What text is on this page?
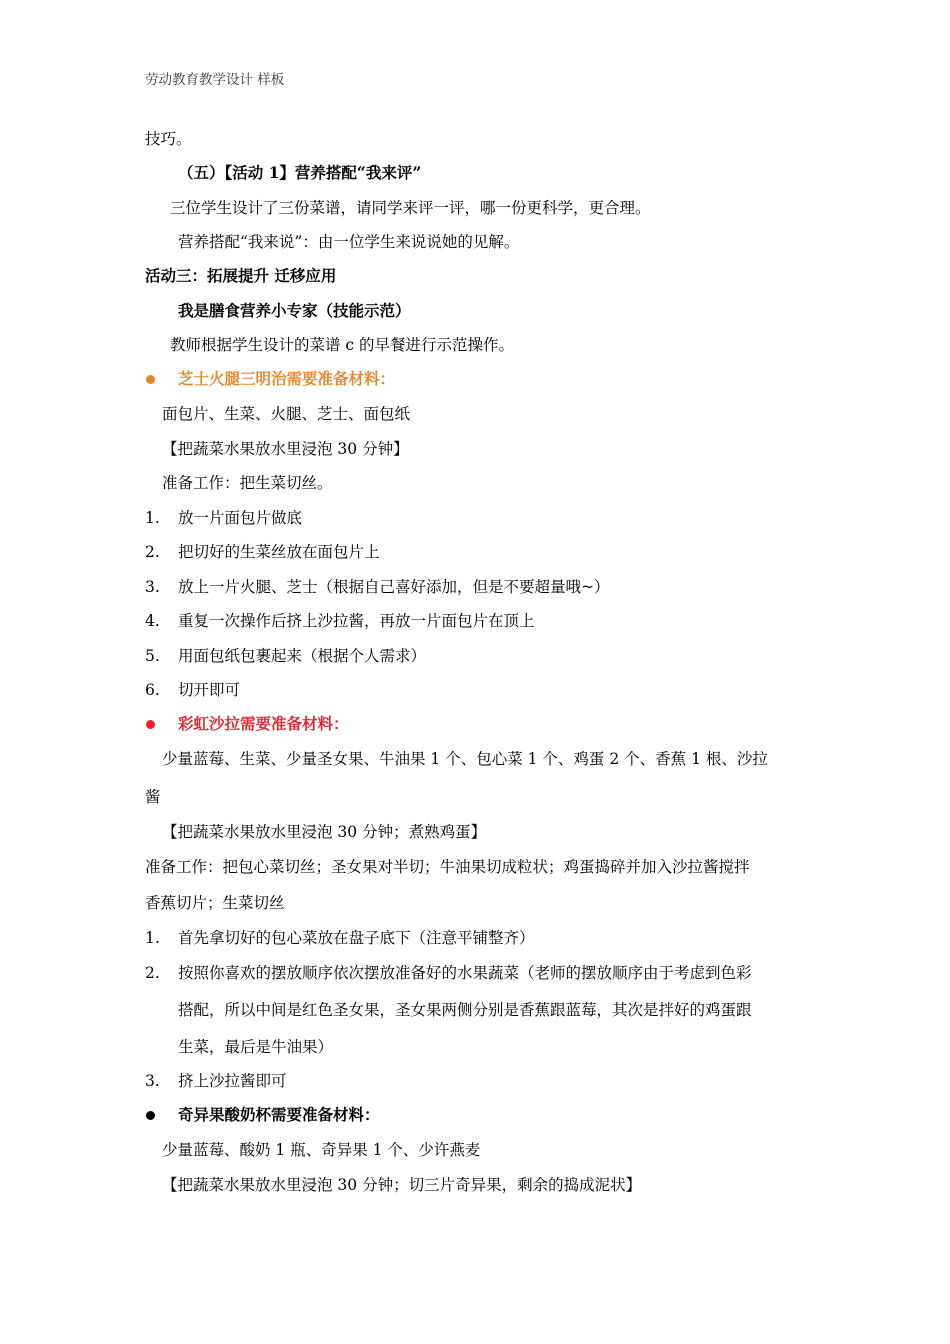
劳动教育教学设计 样板
技巧。
（五）【活动 1】营养搭配“我来评”
三位学生设计了三份菜谱，请同学来评一评，哪一份更科学，更合理。
营养搭配“我来说”：由一位学生来说说她的见解。
活动三：拓展提升 迁移应用
我是膳食营养小专家（技能示范）
教师根据学生设计的菜谱 c 的早餐进行示范操作。
芝士火腿三明治需要准备材料：
面包片、生菜、火腿、芝士、面包纸
【把蔬菜水果放水里浸泡 30 分钟】
准备工作：把生菜切丝。
1. 放一片面包片做底
2. 把切好的生菜丝放在面包片上
3. 放上一片火腿、芝士（根据自己喜好添加，但是不要超量哦~）
4. 重复一次操作后挤上沙拉酱，再放一片面包片在顶上
5. 用面包纸包裹起来（根据个人需求）
6. 切开即可
彩虹沙拉需要准备材料：
少量蓝莓、生菜、少量圣女果、牛油果 1 个、包心菜 1 个、鸡蛋 2 个、香蕉 1 根、沙拉
酱
【把蔬菜水果放水里浸泡 30 分钟；煮熟鸡蛋】
准备工作：把包心菜切丝；圣女果对半切；牛油果切成粒状；鸡蛋捣碎并加入沙拉酱搅拌
香蕉切片；生菜切丝
1. 首先拿切好的包心菜放在盘子底下（注意平铺整齐）
2. 按照你喜欢的摆放顺序依次摆放准备好的水果蔬菜（老师的摆放顺序由于考虑到色彩
搭配，所以中间是红色圣女果，圣女果两侧分别是香蕉跟蓝莓，其次是拌好的鸡蛋跟
生菜，最后是牛油果）
3. 挤上沙拉酱即可
奇异果酸奶杯需要准备材料：
少量蓝莓、酸奶 1 瓶、奇异果 1 个、少许燕麦
【把蔬菜水果放水里浸泡 30 分钟；切三片奇异果，剩余的捣成泥状】
